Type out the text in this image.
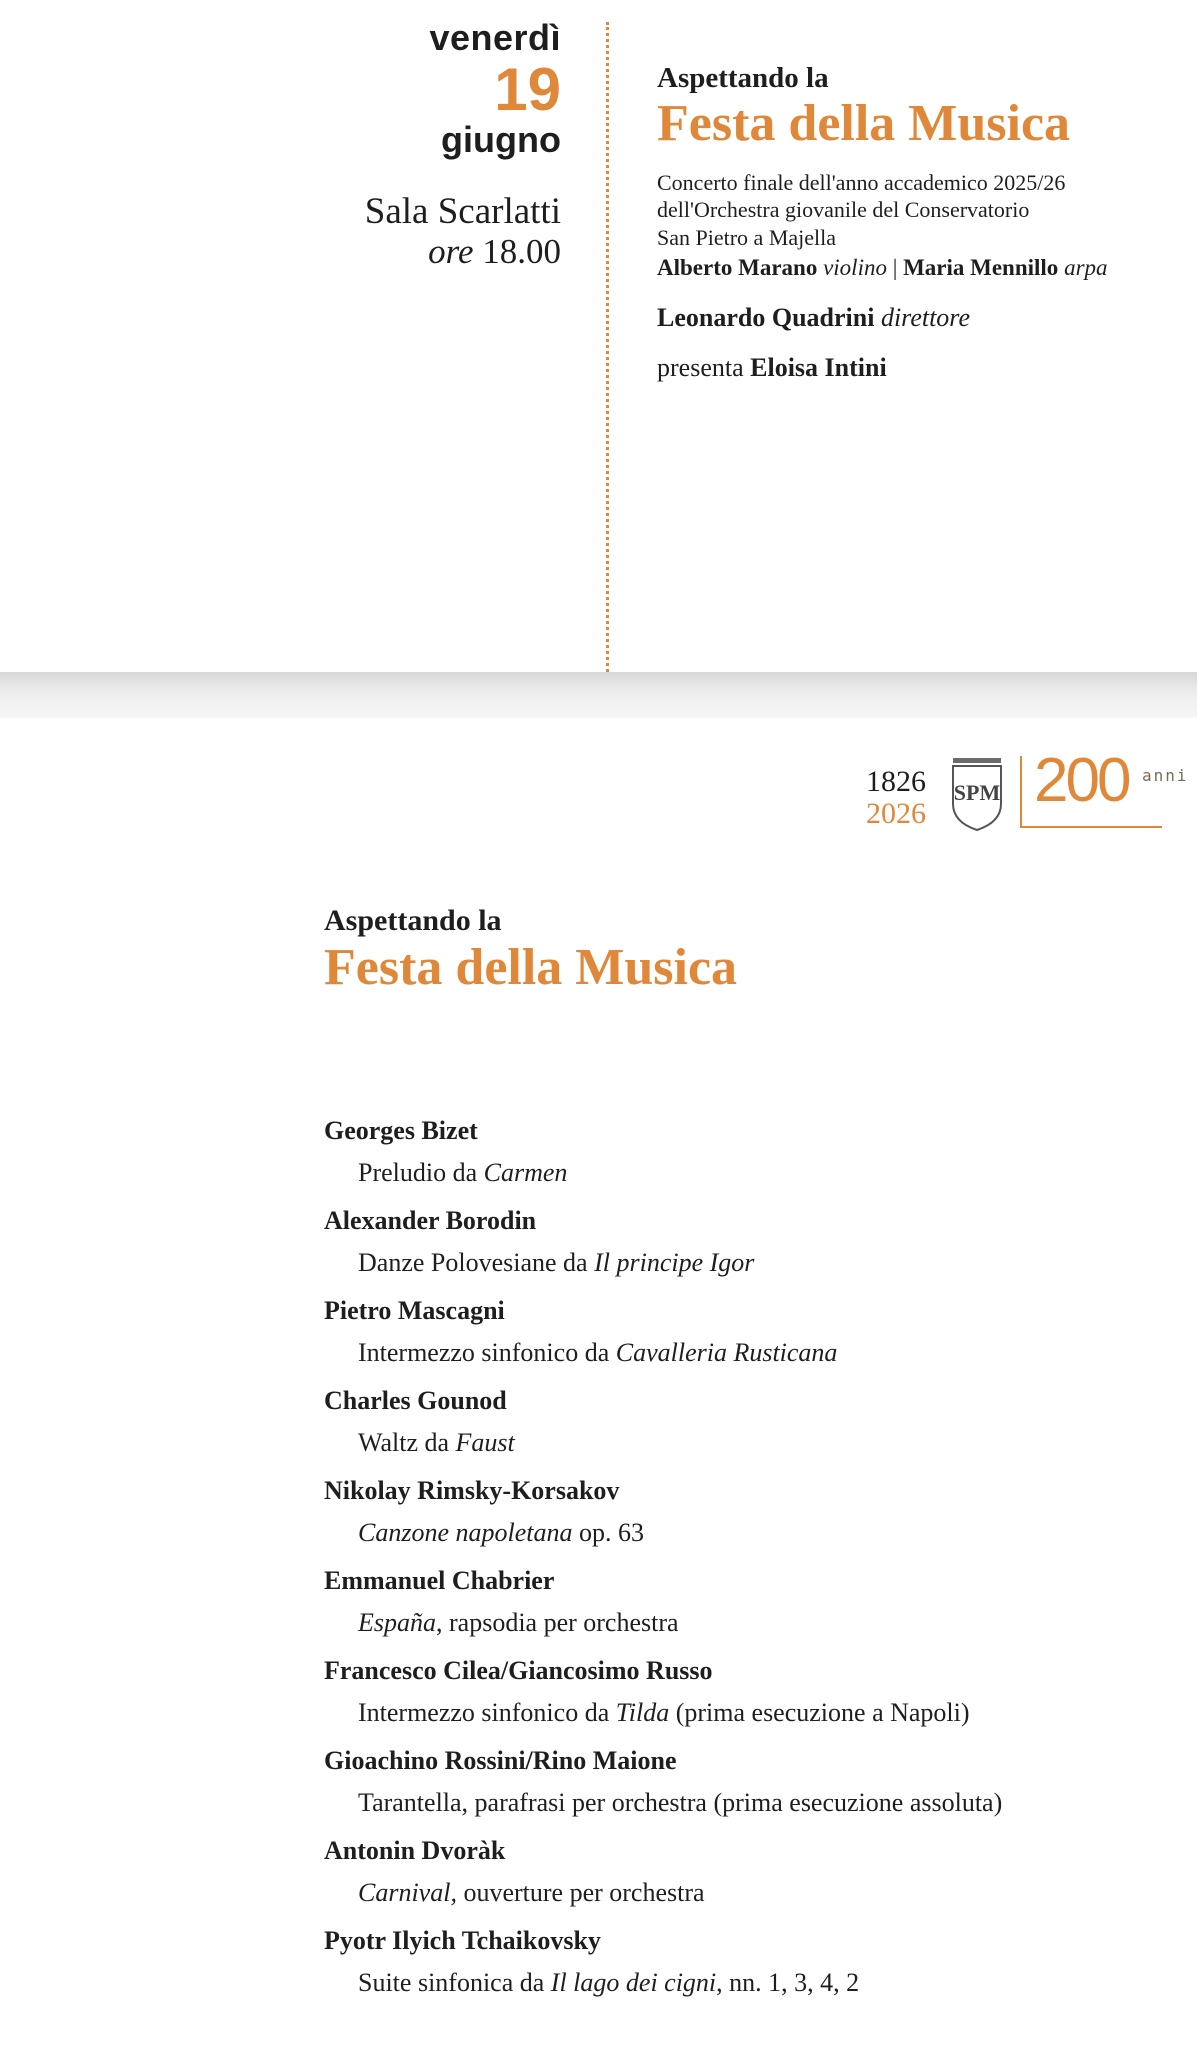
venerdì
19
giugno
Sala Scarlatti
ore 18.00
Aspettando la
Festa della Musica
Concerto finale dell'anno accademico 2025/26
dell'Orchestra giovanile del Conservatorio
San Pietro a Majella
Alberto Marano violino | Maria Mennillo arpa
Leonardo Quadrini direttore
presenta Eloisa Intini
1826
2026
SPM 200 anni
Aspettando la
Festa della Musica
Georges Bizet
Preludio da Carmen
Alexander Borodin
Danze Polovesiane da Il principe Igor
Pietro Mascagni
Intermezzo sinfonico da Cavalleria Rusticana
Charles Gounod
Waltz da Faust
Nikolay Rimsky-Korsakov
Canzone napoletana op. 63
Emmanuel Chabrier
España, rapsodia per orchestra
Francesco Cilea/Giancosimo Russo
Intermezzo sinfonico da Tilda (prima esecuzione a Napoli)
Gioachino Rossini/Rino Maione
Tarantella, parafrasi per orchestra (prima esecuzione assoluta)
Antonin Dvoràk
Carnival, ouverture per orchestra
Pyotr Ilyich Tchaikovsky
Suite sinfonica da Il lago dei cigni, nn. 1, 3, 4, 2
